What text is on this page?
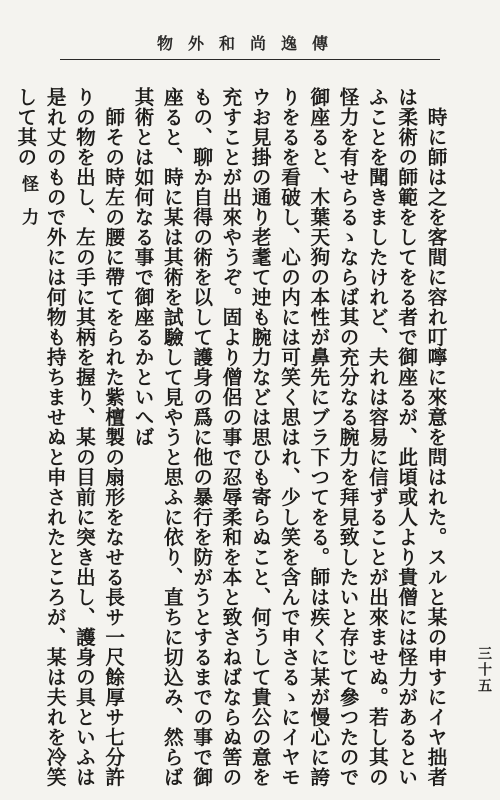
物外和尚逸傳

時に師は之を客間に容れ叮嚀に來意を問はれた。スルと某の申すにイヤ拙者は柔術の師範をしてをる者で御座るが、此頃或人より貴僧には怪力があるといふことを聞きましたけれど、夫れは容易に信ずることが出來ませぬ。若し其の怪力を有せらるゝならば其の充分なる腕力を拜見致したいと存じて參つたので御座ると、木葉天狗の本性が鼻先にブラ下つてをる。師は疾くに某が慢心に誇りをるを看破し、心の内には可笑く思はれ、少し笑を含んで申さるゝにイヤモウお見掛の通り老耄て迚も腕力などは思ひも寄らぬこと、何うして貴公の意を充すことが出來やうぞ。固より僧侶の事で忍辱柔和を本と致さねばならぬ筈のもの、聊か自得の術を以して護身の爲に他の暴行を防がうとするまでの事で御座ると、時に某は其術を試驗して見やうと思ふに依り、直ちに切込み、然らば其術とは如何なる事で御座るかといへば

師その時左の腰に帶てをられた紫檀製の扇形をなせる長サ一尺餘厚サ七分許りの物を出し、左の手に其柄を握り、某の目前に突き出し、護身の具といふは是れ丈のもので外には何物も持ちませぬと申されたところが、某は夫れを冷笑して其の

怪力
三十五
